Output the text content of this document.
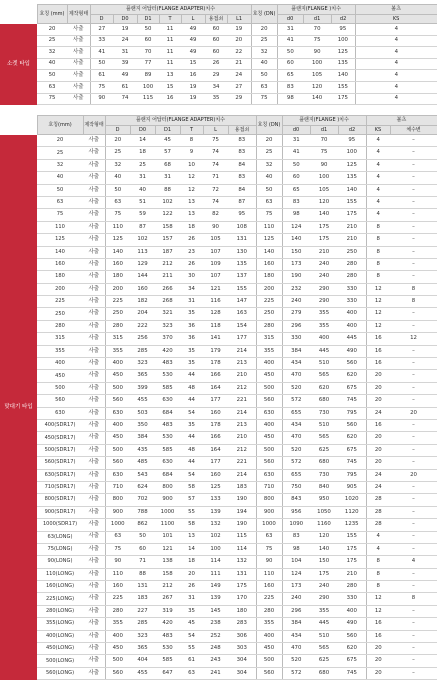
	호칭 (mm)	제작형태	플랜지 어답터(FLANGE ADAPTER)치수							호칭 (DN)	플랜지(FLANGE )치수			볼츠	
			D	D0	D1	T	L	용접쇠	L1		d0	d1	d2	KS	
소켓 타입	20	사출	27	19	50	11	49	60	19	20	31	70	95	4	
	25	사출	33	24	60	11	49	60	20	25	41	75	100	4	
	32	사출	41	31	70	11	49	60	22	32	50	90	125	4	
	40	사출	50	39	77	11	15	26	21	40	60	100	135	4	
	50	사출	61	49	89	13	16	29	24	50	65	105	140	4	
	63	사출	75	61	100	15	19	34	27	63	83	120	155	4	
	75	사출	90	74	115	16	19	35	29	75	98	140	175	4	
	호칭(mm)	제작형태	플랜지 어답터(FLANGE ADAPTER)치수						호칭 (DN)	플랜지(FLANGE )치수			볼츠	
			D	D0	D1	T	L	용접쇠		d0	d1	d2	KS	체수변
맞대기 타입	20	사출	20	14	45	8	75	83	20	31	70	95	4	–
	25	사출	25	18	57	9	74	83	25	41	75	100	4	–
	32	사출	32	25	68	10	74	84	32	50	90	125	4	–
	40	사출	40	31	31	12	71	83	40	60	100	135	4	–
	50	사출	50	40	88	12	72	84	50	65	105	140	4	–
	63	사출	63	51	102	13	74	87	63	83	120	155	4	–
	75	사출	75	59	122	13	82	95	75	98	140	175	4	–
	110	사출	110	87	158	18	90	108	110	124	175	210	8	–
	125	사출	125	102	157	26	105	131	125	140	175	210	8	–
	140	사출	140	113	187	23	107	130	140	150	210	250	8	–
	160	사출	160	129	212	26	109	135	160	173	240	280	8	–
	180	사출	180	144	211	30	107	137	180	190	240	280	8	–
	200	사출	200	160	266	34	121	155	200	232	290	330	12	8
	225	사출	225	182	268	31	116	147	225	240	290	330	12	8
	250	사출	250	204	321	35	128	163	250	279	355	400	12	–
	280	사출	280	222	323	36	118	154	280	296	355	400	12	–
	315	사출	315	256	370	36	141	177	315	330	400	445	16	12
	355	사출	355	285	420	35	179	214	355	384	445	490	16	–
	400	사출	400	323	483	35	178	213	400	434	510	560	16	–
	450	사출	450	365	530	44	166	210	450	470	565	620	20	–
	500	사출	500	399	585	48	164	212	500	520	620	675	20	–
	560	사출	560	455	630	44	177	221	560	572	680	745	20	–
	630	사출	630	503	684	54	160	214	630	655	730	795	24	20
	400(SDR17)	사출	400	350	483	35	178	213	400	434	510	560	16	–
	450(SDR17)	사출	450	384	530	44	166	210	450	470	565	620	20	–
	500(SDR17)	사출	500	435	585	48	164	212	500	520	625	675	20	–
	560(SDR17)	사출	560	485	630	44	177	221	560	572	680	745	20	–
	630(SDR17)	사출	630	543	684	54	160	214	630	655	730	795	24	20
	710(SDR17)	사출	710	624	800	58	125	183	710	750	840	905	24	–
	800(SDR17)	사출	800	702	900	57	133	190	800	843	950	1020	28	–
	900(SDR17)	사출	900	788	1000	55	139	194	900	956	1050	1120	28	–
	1000(SDR17)	사출	1000	862	1100	58	132	190	1000	1090	1160	1235	28	–
	63(LONG)	사출	63	50	101	13	102	115	63	83	120	155	4	–
	75(LONG)	사출	75	60	121	14	100	114	75	98	140	175	4	–
	90(LONG)	사출	90	71	138	18	114	132	90	104	150	175	8	4
	110(LONG)	사출	110	88	158	20	111	131	110	124	175	210	8	–
	160(LONG)	사출	160	131	212	26	149	175	160	173	240	280	8	–
	225(LONG)	사출	225	183	267	31	139	170	225	240	290	330	12	8
	280(LONG)	사출	280	227	319	35	145	180	280	296	355	400	12	–
	355(LONG)	사출	355	285	420	45	238	283	355	384	445	490	16	–
	400(LONG)	사출	400	323	483	54	252	306	400	434	510	560	16	–
	450(LONG)	사출	450	365	530	55	248	303	450	470	565	620	20	–
	500(LONG)	사출	500	404	585	61	243	304	500	520	625	675	20	–
	560(LONG)	사출	560	455	647	63	241	304	560	572	680	745	20	–
